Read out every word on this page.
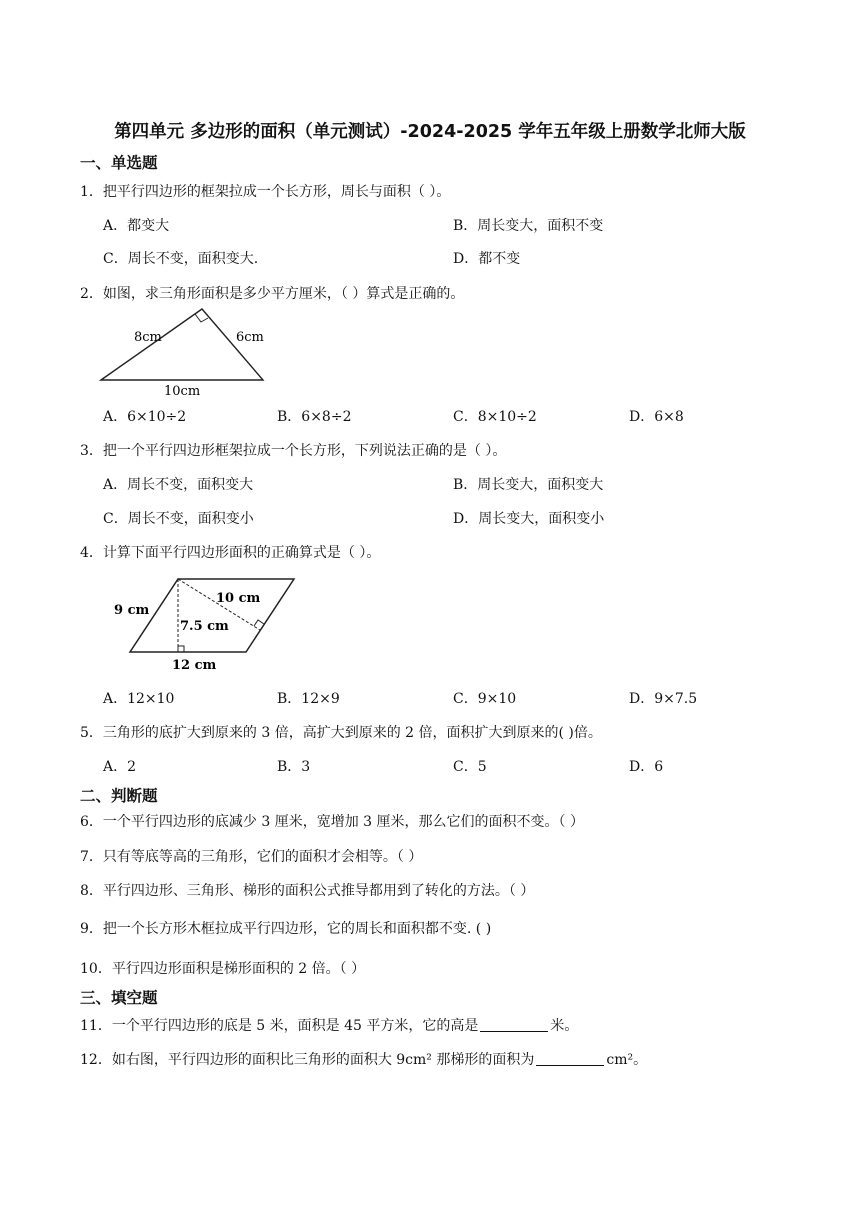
第四单元 多边形的面积（单元测试）-2024-2025 学年五年级上册数学北师大版
一、单选题
1．把平行四边形的框架拉成一个长方形，周长与面积（ ）。
A．都变大	B．周长变大，面积不变
C．周长不变，面积变大.	D．都不变
2．如图，求三角形面积是多少平方厘米，（ ）算式是正确的。
8cm	6cm
10cm
A．6×10÷2	B．6×8÷2	C．8×10÷2	D．6×8
3．把一个平行四边形框架拉成一个长方形，下列说法正确的是（ ）。
A．周长不变，面积变大	B．周长变大，面积变大
C．周长不变，面积变小	D．周长变大，面积变小
4．计算下面平行四边形面积的正确算式是（ ）。
9 cm
10 cm
7.5 cm
12 cm
A．12×10	B．12×9	C．9×10	D．9×7.5
5．三角形的底扩大到原来的 3 倍，高扩大到原来的 2 倍，面积扩大到原来的( )倍。
A．2	B．3	C．5	D．6
二、判断题
6．一个平行四边形的底减少 3 厘米，宽增加 3 厘米，那么它们的面积不变。（ ）
7．只有等底等高的三角形，它们的面积才会相等。（ ）
8．平行四边形、三角形、梯形的面积公式推导都用到了转化的方法。（ ）
9．把一个长方形木框拉成平行四边形，它的周长和面积都不变. ( )
10．平行四边形面积是梯形面积的 2 倍。（ ）
三、填空题
11．一个平行四边形的底是 5 米，面积是 45 平方米，它的高是	米。
12．如右图，平行四边形的面积比三角形的面积大 9cm² 那梯形的面积为	cm²。
